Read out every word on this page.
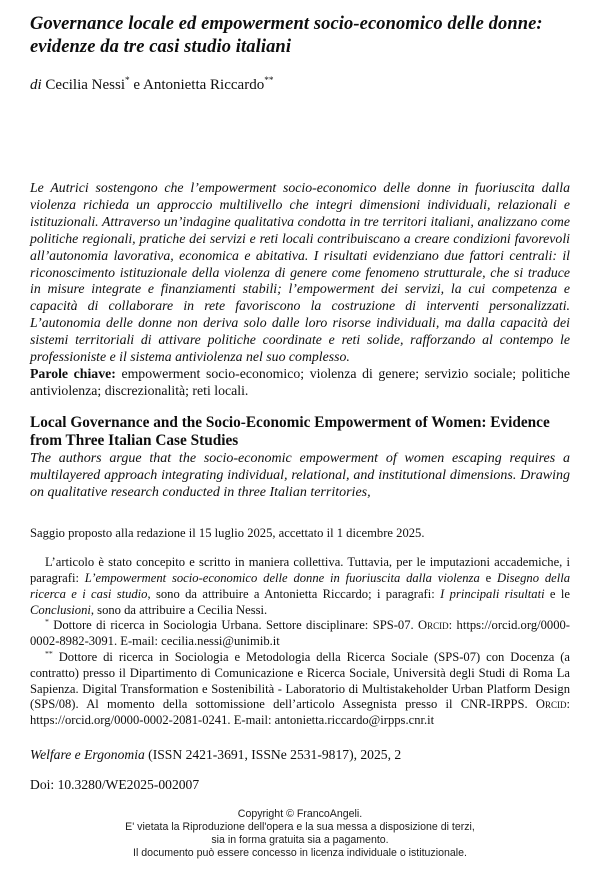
Governance locale ed empowerment socio-economico delle donne: evidenze da tre casi studio italiani

di Cecilia Nessi* e Antonietta Riccardo**

Le Autrici sostengono che l’empowerment socio-economico delle donne in fuoriuscita dalla violenza richieda un approccio multilivello che integri dimensioni individuali, relazionali e istituzionali. Attraverso un’indagine qualitativa condotta in tre territori italiani, analizzano come politiche regionali, pratiche dei servizi e reti locali contribuiscano a creare condizioni favorevoli all’autonomia lavorativa, economica e abitativa. I risultati evidenziano due fattori centrali: il riconoscimento istituzionale della violenza di genere come fenomeno strutturale, che si traduce in misure integrate e finanziamenti stabili; l’empowerment dei servizi, la cui competenza e capacità di collaborare in rete favoriscono la costruzione di interventi personalizzati. L’autonomia delle donne non deriva solo dalle loro risorse individuali, ma dalla capacità dei sistemi territoriali di attivare politiche coordinate e reti solide, rafforzando al contempo le professioniste e il sistema antiviolenza nel suo complesso.

Parole chiave: empowerment socio-economico; violenza di genere; servizio sociale; politiche antiviolenza; discrezionalità; reti locali.

Local Governance and the Socio-Economic Empowerment of Women: Evidence from Three Italian Case Studies

The authors argue that the socio-economic empowerment of women escaping requires a multilayered approach integrating individual, relational, and institutional dimensions. Drawing on qualitative research conducted in three Italian territories,

Saggio proposto alla redazione il 15 luglio 2025, accettato il 1 dicembre 2025.

L’articolo è stato concepito e scritto in maniera collettiva. Tuttavia, per le imputazioni accademiche, i paragrafi: L’empowerment socio-economico delle donne in fuoriuscita dalla violenza e Disegno della ricerca e i casi studio, sono da attribuire a Antonietta Riccardo; i paragrafi: I principali risultati e le Conclusioni, sono da attribuire a Cecilia Nessi.

* Dottore di ricerca in Sociologia Urbana. Settore disciplinare: SPS-07. Orcid: https://orcid.org/0000-0002-8982-3091. E-mail: cecilia.nessi@unimib.it

** Dottore di ricerca in Sociologia e Metodologia della Ricerca Sociale (SPS-07) con Docenza (a contratto) presso il Dipartimento di Comunicazione e Ricerca Sociale, Università degli Studi di Roma La Sapienza. Digital Transformation e Sostenibilità - Laboratorio di Multistakeholder Urban Platform Design (SPS/08). Al momento della sottomissione dell’articolo Assegnista presso il CNR-IRPPS. Orcid: https://orcid.org/0000-0002-2081-0241. E-mail: antonietta.riccardo@irpps.cnr.it

Welfare e Ergonomia (ISSN 2421-3691, ISSNe 2531-9817), 2025, 2

Doi: 10.3280/WE2025-002007

Copyright © FrancoAngeli.
E' vietata la Riproduzione dell'opera e la sua messa a disposizione di terzi,
sia in forma gratuita sia a pagamento.
Il documento può essere concesso in licenza individuale o istituzionale.
